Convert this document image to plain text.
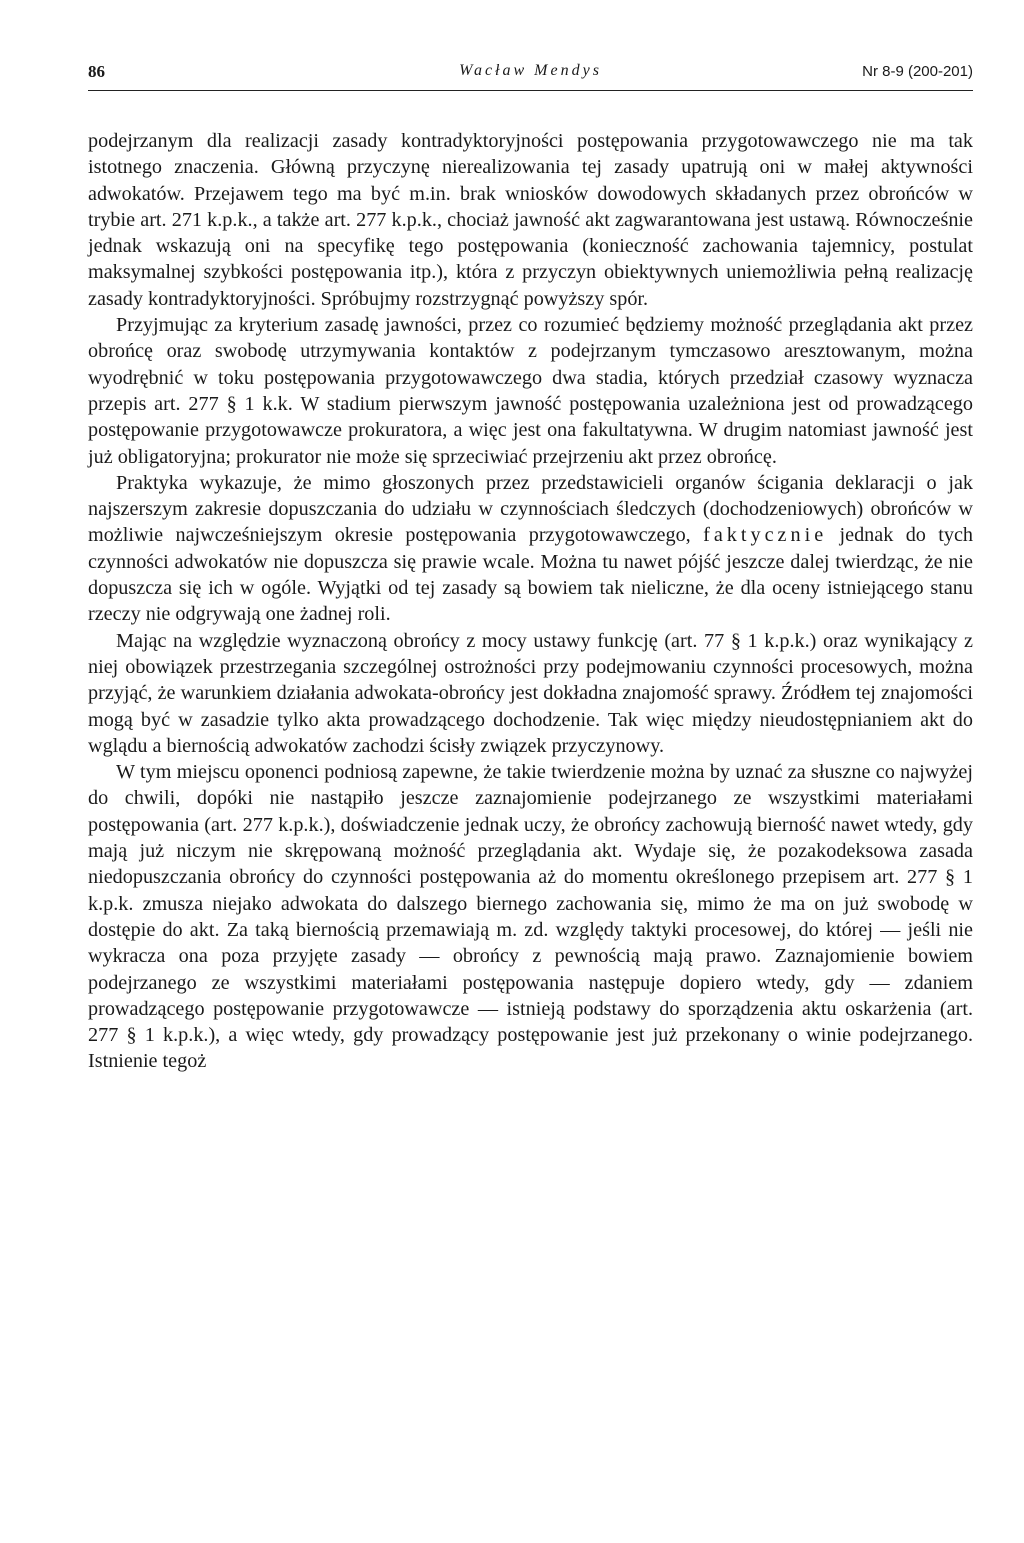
86	Wacław Mendys	Nr 8-9 (200-201)

podejrzanym dla realizacji zasady kontradyktoryjności postępowania przygotowawczego nie ma tak istotnego znaczenia. Główną przyczynę nierealizowania tej zasady upatrują oni w małej aktywności adwokatów. Przejawem tego ma być m.in. brak wniosków dowodowych składanych przez obrońców w trybie art. 271 k.p.k., a także art. 277 k.p.k., chociaż jawność akt zagwarantowana jest ustawą. Równocześnie jednak wskazują oni na specyfikę tego postępowania (konieczność zachowania tajemnicy, postulat maksymalnej szybkości postępowania itp.), która z przyczyn obiektywnych uniemożliwia pełną realizację zasady kontradyktoryjności. Spróbujmy rozstrzygnąć powyższy spór.

Przyjmując za kryterium zasadę jawności, przez co rozumieć będziemy możność przeglądania akt przez obrońcę oraz swobodę utrzymywania kontaktów z podejrzanym tymczasowo aresztowanym, można wyodrębnić w toku postępowania przygotowawczego dwa stadia, których przedział czasowy wyznacza przepis art. 277 § 1 k.k. W stadium pierwszym jawność postępowania uzależniona jest od prowadzącego postępowanie przygotowawcze prokuratora, a więc jest ona fakultatywna. W drugim natomiast jawność jest już obligatoryjna; prokurator nie może się sprzeciwiać przejrzeniu akt przez obrońcę.

Praktyka wykazuje, że mimo głoszonych przez przedstawicieli organów ścigania deklaracji o jak najszerszym zakresie dopuszczania do udziału w czynnościach śledczych (dochodzeniowych) obrońców w możliwie najwcześniejszym okresie postępowania przygotowawczego, faktycznie jednak do tych czynności adwokatów nie dopuszcza się prawie wcale. Można tu nawet pójść jeszcze dalej twierdząc, że nie dopuszcza się ich w ogóle. Wyjątki od tej zasady są bowiem tak nieliczne, że dla oceny istniejącego stanu rzeczy nie odgrywają one żadnej roli.

Mając na względzie wyznaczoną obrońcy z mocy ustawy funkcję (art. 77 § 1 k.p.k.) oraz wynikający z niej obowiązek przestrzegania szczególnej ostrożności przy podejmowaniu czynności procesowych, można przyjąć, że warunkiem działania adwokata-obrońcy jest dokładna znajomość sprawy. Źródłem tej znajomości mogą być w zasadzie tylko akta prowadzącego dochodzenie. Tak więc między nieudostępnianiem akt do wglądu a biernością adwokatów zachodzi ścisły związek przyczynowy.

W tym miejscu oponenci podniosą zapewne, że takie twierdzenie można by uznać za słuszne co najwyżej do chwili, dopóki nie nastąpiło jeszcze zaznajomienie podejrzanego ze wszystkimi materiałami postępowania (art. 277 k.p.k.), doświadczenie jednak uczy, że obrońcy zachowują bierność nawet wtedy, gdy mają już niczym nie skrępowaną możność przeglądania akt. Wydaje się, że pozakodeksowa zasada niedopuszczania obrońcy do czynności postępowania aż do momentu określonego przepisem art. 277 § 1 k.p.k. zmusza niejako adwokata do dalszego biernego zachowania się, mimo że ma on już swobodę w dostępie do akt. Za taką biernością przemawiają m. zd. względy taktyki procesowej, do której — jeśli nie wykracza ona poza przyjęte zasady — obrońcy z pewnością mają prawo. Zaznajomienie bowiem podejrzanego ze wszystkimi materiałami postępowania następuje dopiero wtedy, gdy — zdaniem prowadzącego postępowanie przygotowawcze — istnieją podstawy do sporządzenia aktu oskarżenia (art. 277 § 1 k.p.k.), a więc wtedy, gdy prowadzący postępowanie jest już przekonany o winie podejrzanego. Istnienie tegoż
